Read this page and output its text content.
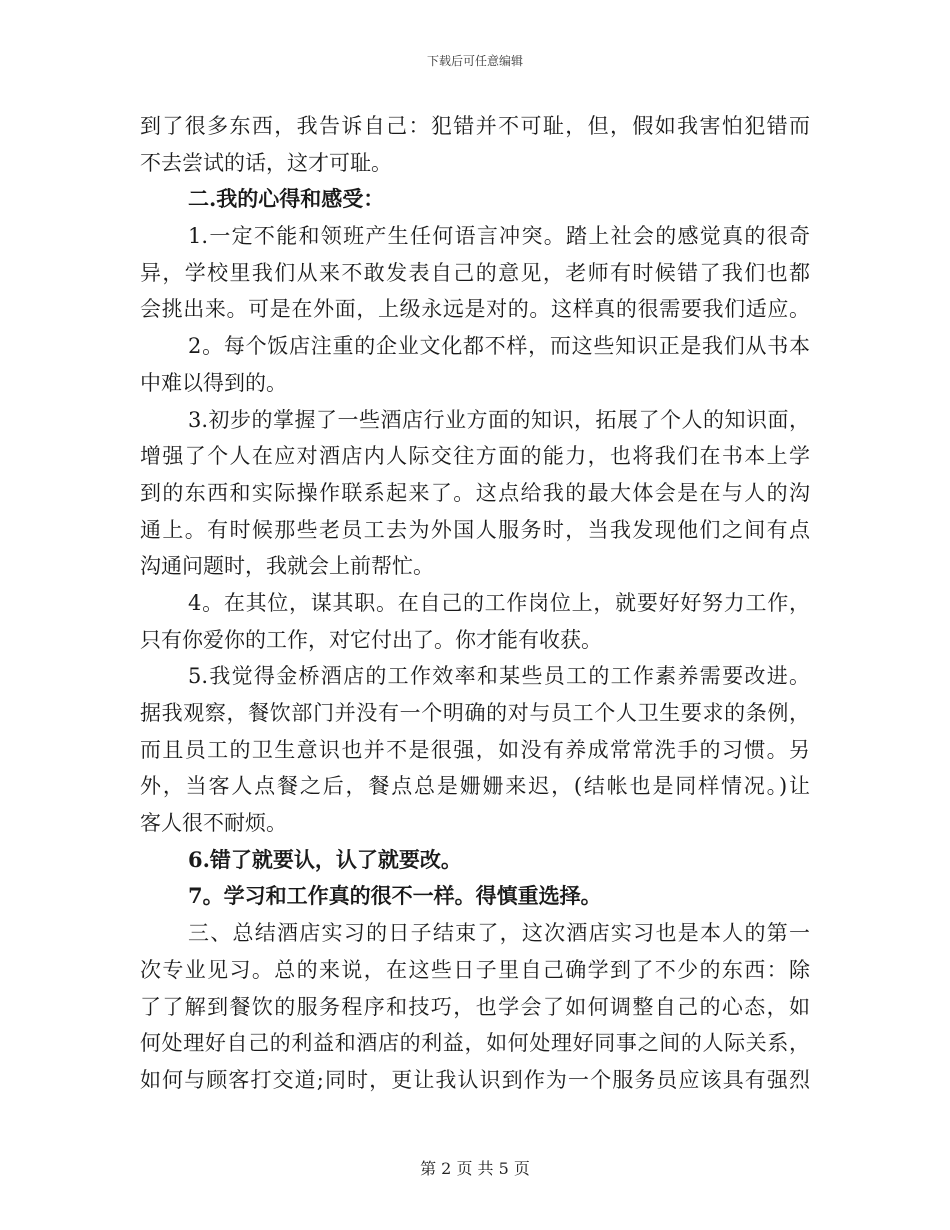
下载后可任意编辑
到了很多东西，我告诉自己：犯错并不可耻，但，假如我害怕犯错而
不去尝试的话，这才可耻。
二.我的心得和感受：
1.一定不能和领班产生任何语言冲突。踏上社会的感觉真的很奇
异，学校里我们从来不敢发表自己的意见，老师有时候错了我们也都
会挑出来。可是在外面，上级永远是对的。这样真的很需要我们适应。
2。每个饭店注重的企业文化都不样，而这些知识正是我们从书本
中难以得到的。
3.初步的掌握了一些酒店行业方面的知识，拓展了个人的知识面，
增强了个人在应对酒店内人际交往方面的能力，也将我们在书本上学
到的东西和实际操作联系起来了。这点给我的最大体会是在与人的沟
通上。有时候那些老员工去为外国人服务时，当我发现他们之间有点
沟通问题时，我就会上前帮忙。
4。在其位，谋其职。在自己的工作岗位上，就要好好努力工作，
只有你爱你的工作，对它付出了。你才能有收获。
5.我觉得金桥酒店的工作效率和某些员工的工作素养需要改进。
据我观察，餐饮部门并没有一个明确的对与员工个人卫生要求的条例，
而且员工的卫生意识也并不是很强，如没有养成常常洗手的习惯。另
外，当客人点餐之后，餐点总是姗姗来迟，(结帐也是同样情况。)让
客人很不耐烦。
6.错了就要认，认了就要改。
7。学习和工作真的很不一样。得慎重选择。
三、总结酒店实习的日子结束了，这次酒店实习也是本人的第一
次专业见习。总的来说，在这些日子里自己确学到了不少的东西：除
了了解到餐饮的服务程序和技巧，也学会了如何调整自己的心态，如
何处理好自己的利益和酒店的利益，如何处理好同事之间的人际关系，
如何与顾客打交道;同时，更让我认识到作为一个服务员应该具有强烈
第 2 页 共 5 页
